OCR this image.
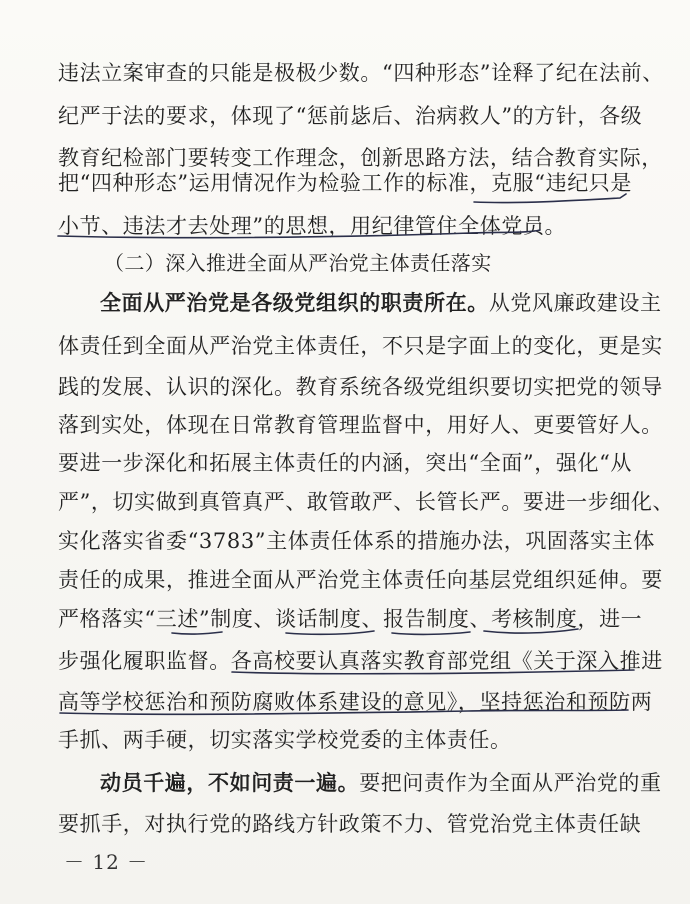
违法立案审查的只能是极极少数。“四种形态”诠释了纪在法前、
纪严于法的要求，体现了“惩前毖后、治病救人”的方针，各级
教育纪检部门要转变工作理念，创新思路方法，结合教育实际，
把“四种形态”运用情况作为检验工作的标准，克服“违纪只是
小节、违法才去处理”的思想，用纪律管住全体党员。
（二）深入推进全面从严治党主体责任落实
全面从严治党是各级党组织的职责所在。从党风廉政建设主
体责任到全面从严治党主体责任，不只是字面上的变化，更是实
践的发展、认识的深化。教育系统各级党组织要切实把党的领导
落到实处，体现在日常教育管理监督中，用好人、更要管好人。
要进一步深化和拓展主体责任的内涵，突出“全面”，强化“从
严”，切实做到真管真严、敢管敢严、长管长严。要进一步细化、
实化落实省委“3783”主体责任体系的措施办法，巩固落实主体
责任的成果，推进全面从严治党主体责任向基层党组织延伸。要
严格落实“三述”制度、谈话制度、报告制度、考核制度，进一
步强化履职监督。各高校要认真落实教育部党组《关于深入推进
高等学校惩治和预防腐败体系建设的意见》，坚持惩治和预防两
手抓、两手硬，切实落实学校党委的主体责任。
动员千遍，不如问责一遍。要把问责作为全面从严治党的重
要抓手，对执行党的路线方针政策不力、管党治党主体责任缺
－ 12 －
